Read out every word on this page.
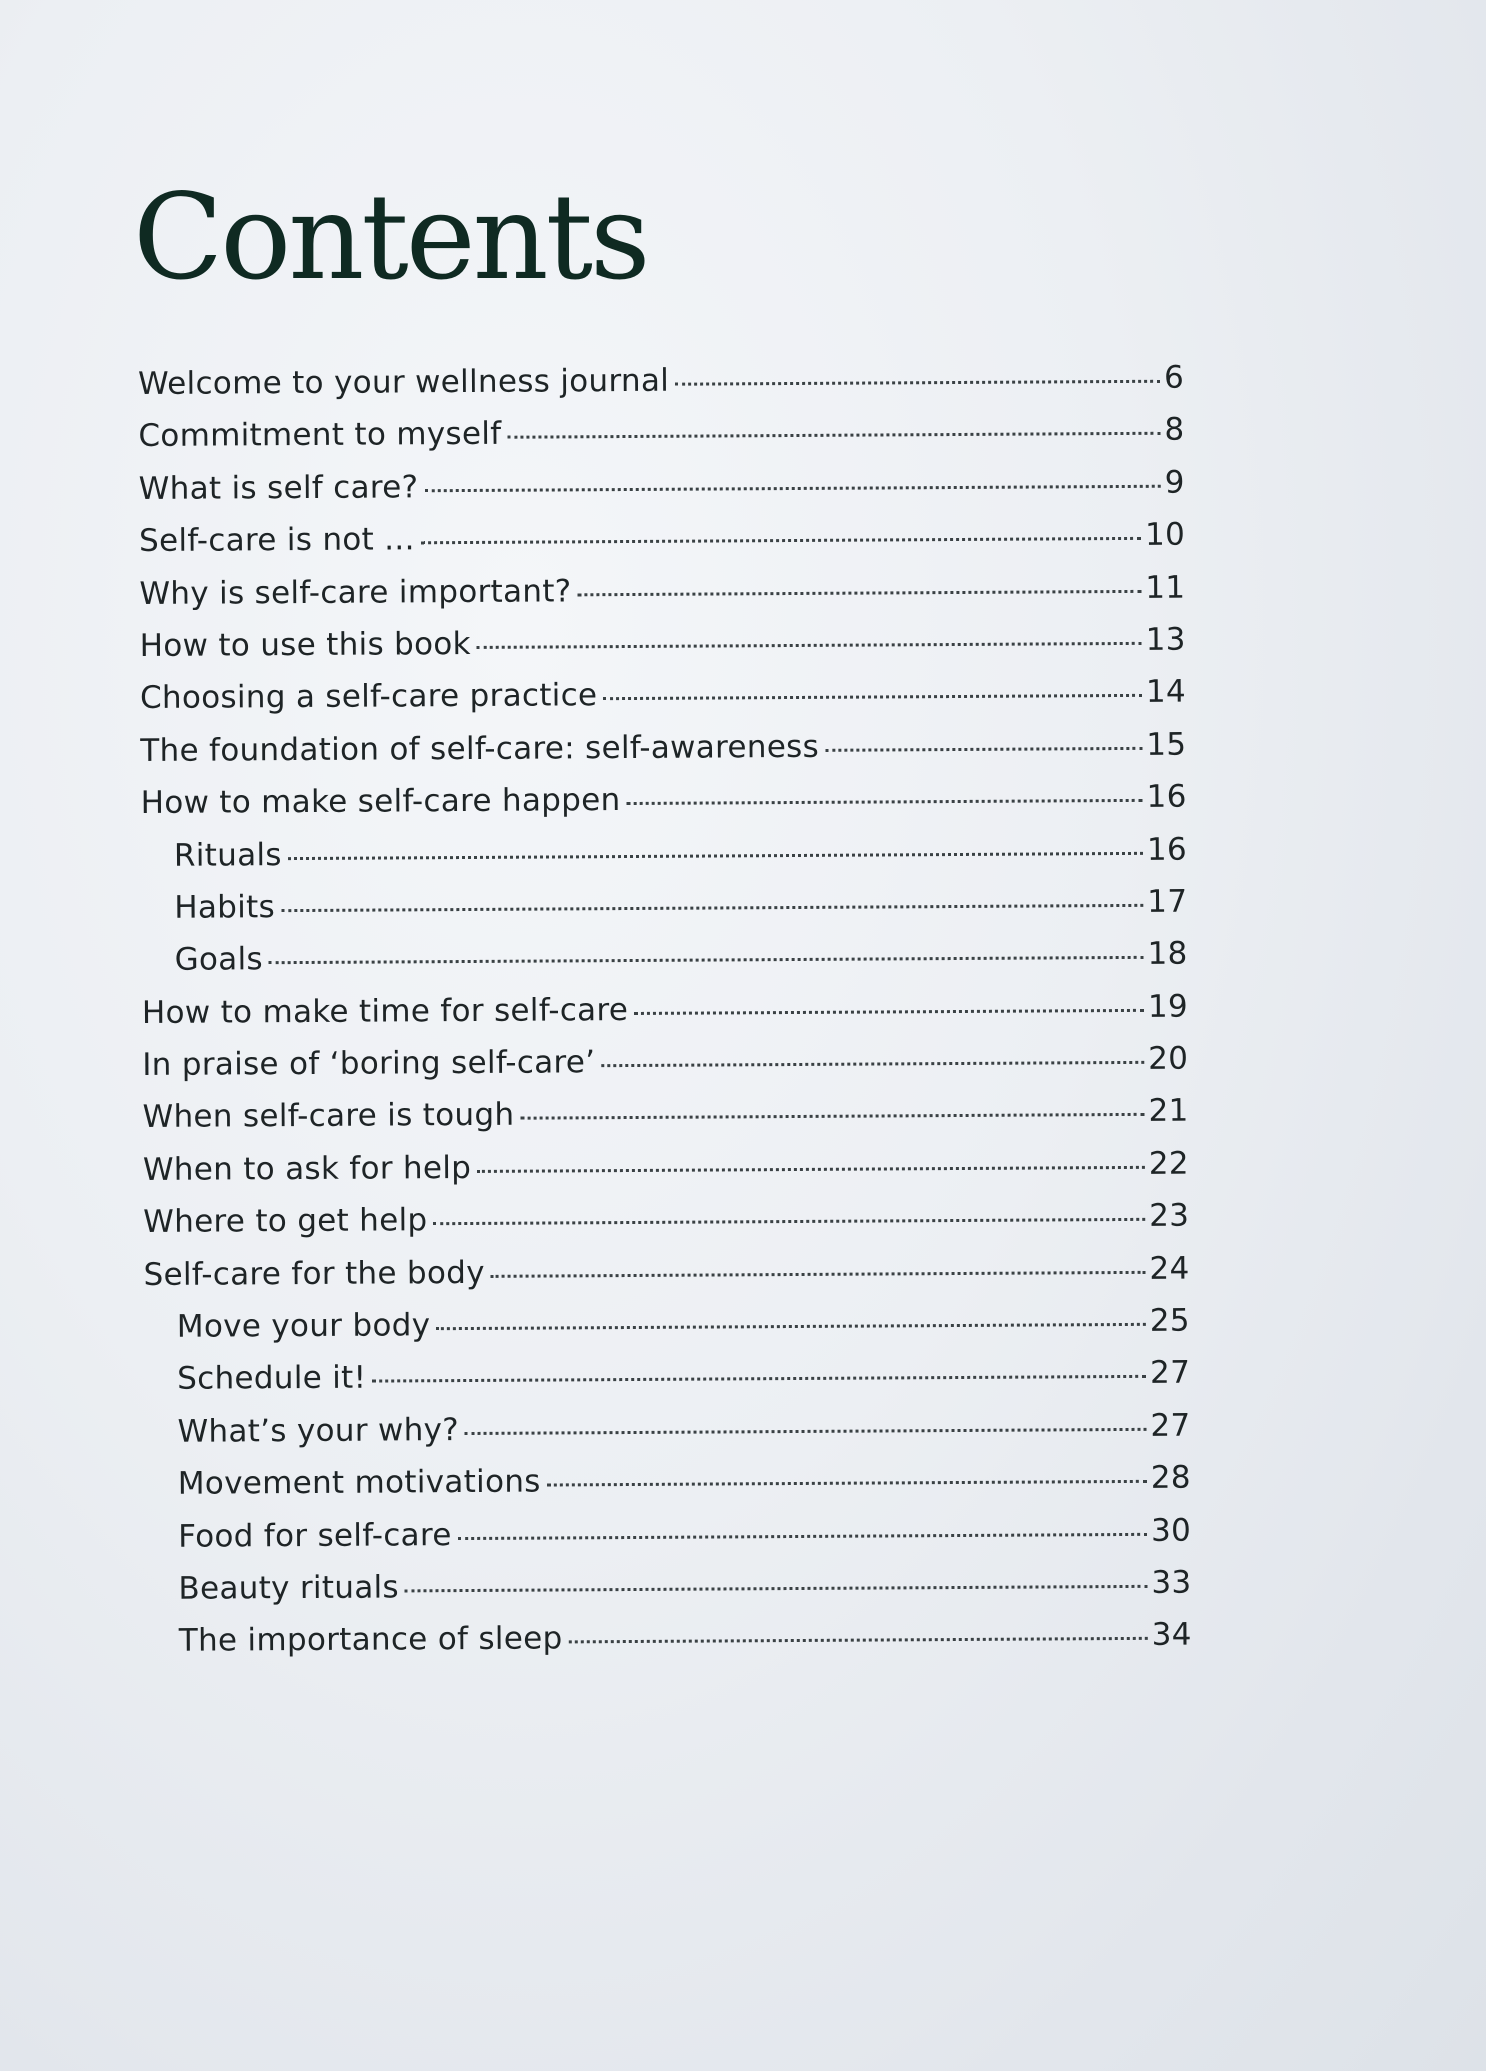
Contents
Welcome to your wellness journal	6
Commitment to myself	8
What is self care?	9
Self-care is not ...	10
Why is self-care important?	11
How to use this book	13
Choosing a self-care practice	14
The foundation of self-care: self-awareness	15
How to make self-care happen	16
Rituals	16
Habits	17
Goals	18
How to make time for self-care	19
In praise of ‘boring self-care’	20
When self-care is tough	21
When to ask for help	22
Where to get help	23
Self-care for the body	24
Move your body	25
Schedule it!	27
What’s your why?	27
Movement motivations	28
Food for self-care	30
Beauty rituals	33
The importance of sleep	34
